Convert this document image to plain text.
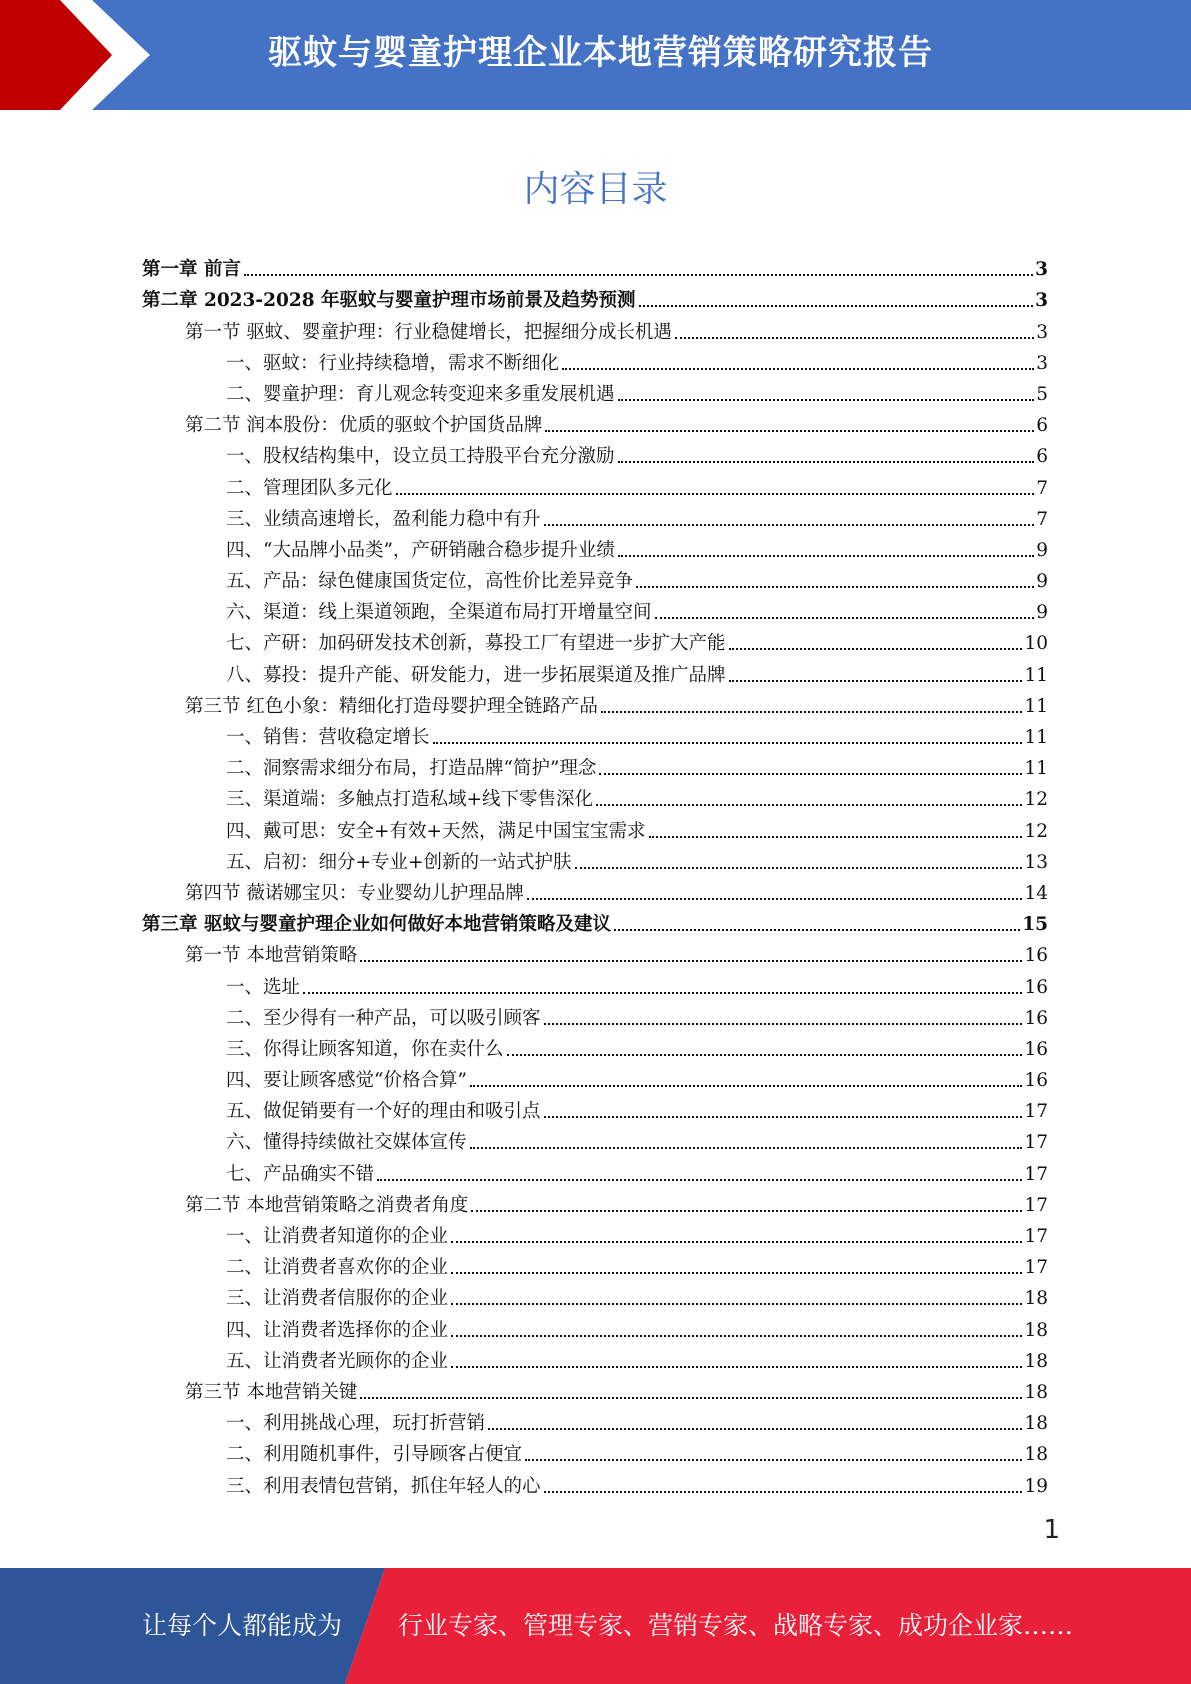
驱蚊与婴童护理企业本地营销策略研究报告
内容目录
第一章 前言	3
第二章 2023-2028 年驱蚊与婴童护理市场前景及趋势预测	3
第一节 驱蚊、婴童护理：行业稳健增长，把握细分成长机遇	3
一、驱蚊：行业持续稳增，需求不断细化	3
二、婴童护理：育儿观念转变迎来多重发展机遇	5
第二节 润本股份：优质的驱蚊个护国货品牌	6
一、股权结构集中，设立员工持股平台充分激励	6
二、管理团队多元化	7
三、业绩高速增长，盈利能力稳中有升	7
四、“大品牌小品类”，产研销融合稳步提升业绩	9
五、产品：绿色健康国货定位，高性价比差异竞争	9
六、渠道：线上渠道领跑，全渠道布局打开增量空间	9
七、产研：加码研发技术创新，募投工厂有望进一步扩大产能	10
八、募投：提升产能、研发能力，进一步拓展渠道及推广品牌	11
第三节 红色小象：精细化打造母婴护理全链路产品	11
一、销售：营收稳定增长	11
二、洞察需求细分布局，打造品牌“简护”理念	11
三、渠道端：多触点打造私域+线下零售深化	12
四、戴可思：安全+有效+天然，满足中国宝宝需求	12
五、启初：细分+专业+创新的一站式护肤	13
第四节 薇诺娜宝贝：专业婴幼儿护理品牌	14
第三章 驱蚊与婴童护理企业如何做好本地营销策略及建议	15
第一节 本地营销策略	16
一、选址	16
二、至少得有一种产品，可以吸引顾客	16
三、你得让顾客知道，你在卖什么	16
四、要让顾客感觉“价格合算”	16
五、做促销要有一个好的理由和吸引点	17
六、懂得持续做社交媒体宣传	17
七、产品确实不错	17
第二节 本地营销策略之消费者角度	17
一、让消费者知道你的企业	17
二、让消费者喜欢你的企业	17
三、让消费者信服你的企业	18
四、让消费者选择你的企业	18
五、让消费者光顾你的企业	18
第三节 本地营销关键	18
一、利用挑战心理，玩打折营销	18
二、利用随机事件，引导顾客占便宜	18
三、利用表情包营销，抓住年轻人的心	19
1
让每个人都能成为 行业专家、管理专家、营销专家、战略专家、成功企业家……
